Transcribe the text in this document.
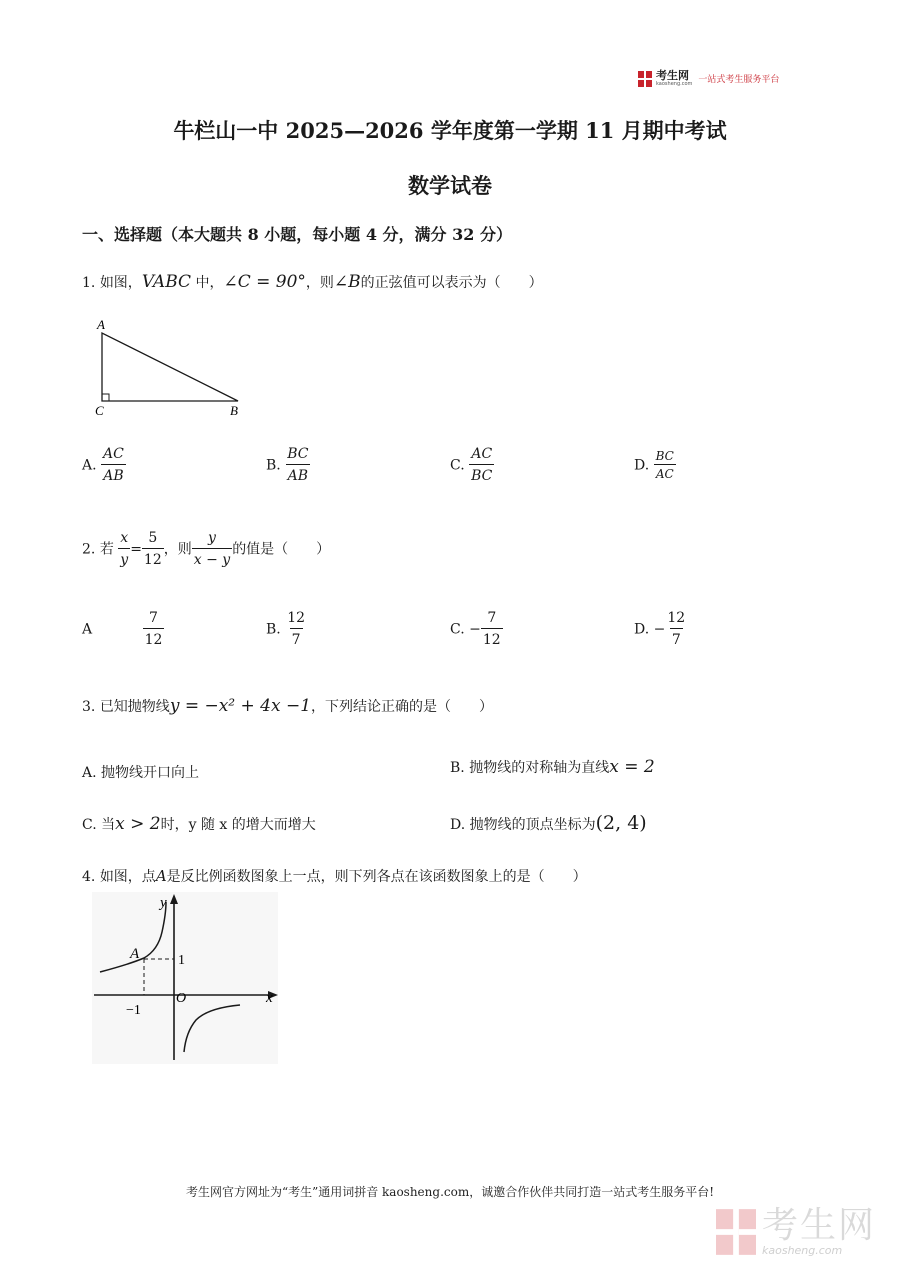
考生网
kaosheng.com 一站式考生服务平台
牛栏山一中 2025—2026 学年度第一学期 11 月期中考试
数学试卷
一、选择题（本大题共 8 小题，每小题 4 分，满分 32 分）
1. 如图，VABC 中，∠C = 90°，则∠B的正弦值可以表示为（　　）
A
C	B
A. $\frac{AC}{AB}$	B. $\frac{BC}{AB}$	C. $\frac{AC}{BC}$	D. $\frac{BC}{AC}$
2. 若 $\frac{x}{y} = \frac{5}{12}$ ，则 $\frac{y}{x - y}$ 的值是（　　）
A	$\frac{7}{12}$	B. $\frac{12}{7}$	C. − $\frac{7}{12}$	D. − $\frac{12}{7}$
3. 已知抛物线y = −x² + 4x −1，下列结论正确的是（　　）
A. 抛物线开口向上	B. 抛物线的对称轴为直线x = 2
C. 当x > 2时，y 随 x 的增大而增大	D. 抛物线的顶点坐标为(2, 4)
4. 如图，点A是反比例函数图象上一点，则下列各点在该函数图象上的是（　　）
y
x
O
A	1
−1
考生网官方网址为“考生”通用词拼音 kaosheng.com，诚邀合作伙伴共同打造一站式考生服务平台!
考生网
kaosheng.com
